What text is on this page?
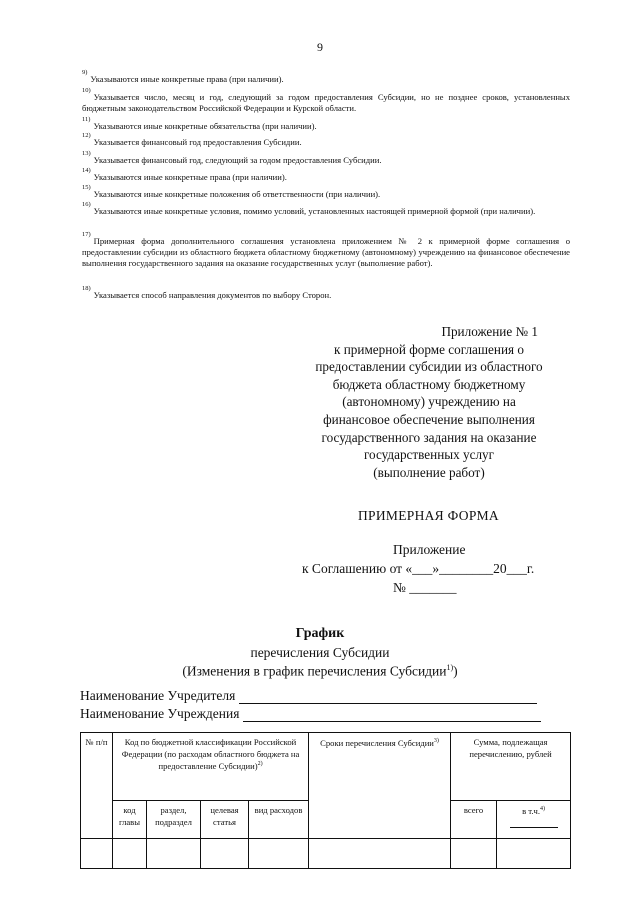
9
$^{9)}$Указываются иные конкретные права (при наличии).
$^{10)}$Указывается число, месяц и год, следующий за годом предоставления Субсидии, но не позднее сроков, установленных бюджетным законодательством Российской Федерации и Курской области.
$^{11)}$Указываются иные конкретные обязательства (при наличии).
$^{12)}$Указывается финансовый год предоставления Субсидии.
$^{13)}$Указывается финансовый год, следующий за годом предоставления Субсидии.
$^{14)}$Указываются иные конкретные права (при наличии).
$^{15)}$Указываются иные конкретные положения об ответственности (при наличии).
$^{16)}$Указываются иные конкретные условия, помимо условий, установленных настоящей примерной формой (при наличии).
$^{17)}$Примерная форма дополнительного соглашения установлена приложением № 2 к примерной форме соглашения о предоставлении субсидии из областного бюджета областному бюджетному (автономному) учреждению на финансовое обеспечение выполнения государственного задания на оказание государственных услуг (выполнение работ).
$^{18)}$Указывается способ направления документов по выбору Сторон.
Приложение № 1
к примерной форме соглашения о
предоставлении субсидии из областного
бюджета областному бюджетному
(автономному) учреждению на
финансовое обеспечение выполнения
государственного задания на оказание
государственных услуг
(выполнение работ)
ПРИМЕРНАЯ ФОРМА
Приложение
к Соглашению от «___»________20___г.
№ _______
График
перечисления Субсидии
(Изменения в график перечисления Субсидии$^{1)}$)
Наименование Учредителя
Наименование Учреждения
№ п/п	Код по бюджетной классификации Российской Федерации (по расходам областного бюджета на предоставление Субсидии)$^{2)}$				Сроки перечисления Субсидии$^{3)}$	Сумма, подлежащая перечислению, рублей	
	код главы	раздел, подраздел	целевая статья	вид расходов		всего	в т.ч.$^{4)}$
